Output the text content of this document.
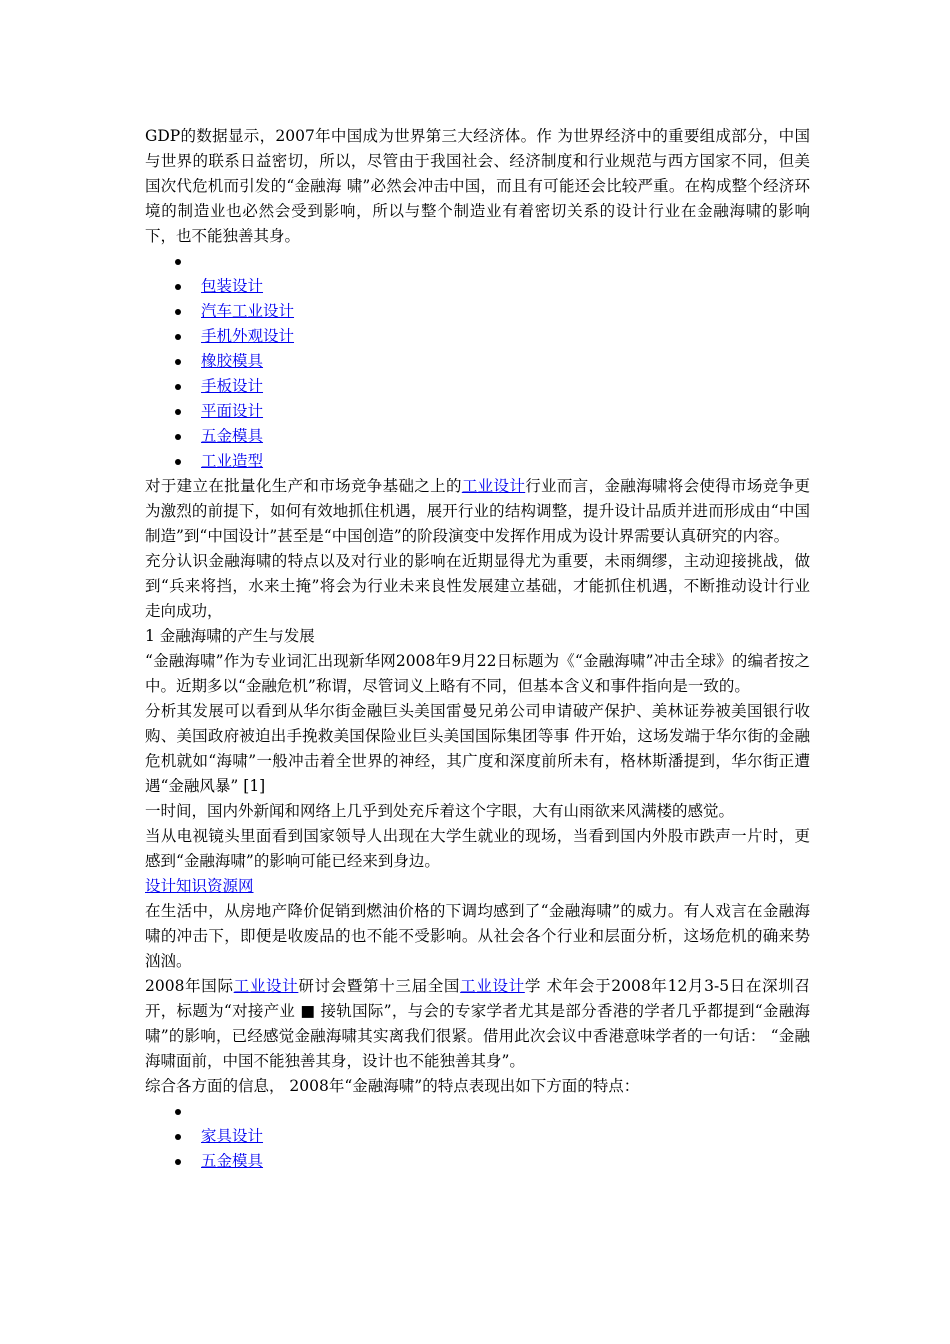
GDP的数据显示，2007年中国成为世界第三大经济体。作 为世界经济中的重要组成部分，中国与世界的联系日益密切，所以，尽管由于我国社会、经济制度和行业规范与西方国家不同，但美国次代危机而引发的“金融海 啸”必然会冲击中国，而且有可能还会比较严重。在构成整个经济环境的制造业也必然会受到影响，所以与整个制造业有着密切关系的设计行业在金融海啸的影响下，也不能独善其身。

包装设计
汽车工业设计
手机外观设计
橡胶模具
手板设计
平面设计
五金模具
工业造型

对于建立在批量化生产和市场竞争基础之上的工业设计行业而言，金融海啸将会使得市场竞争更为激烈的前提下，如何有效地抓住机遇，展开行业的结构调整，提升设计品质并进而形成由“中国制造”到“中国设计”甚至是“中国创造”的阶段演变中发挥作用成为设计界需要认真研究的内容。

充分认识金融海啸的特点以及对行业的影响在近期显得尤为重要，未雨绸缪，主动迎接挑战，做到“兵来将挡，水来土掩”将会为行业未来良性发展建立基础，才能抓住机遇，不断推动设计行业走向成功，

1 金融海啸的产生与发展

“金融海啸”作为专业词汇出现新华网2008年9月22日标题为《“金融海啸”冲击全球》的编者按之中。近期多以“金融危机”称谓，尽管词义上略有不同，但基本含义和事件指向是一致的。

分析其发展可以看到从华尔街金融巨头美国雷曼兄弟公司申请破产保护、美林证券被美国银行收购、美国政府被迫出手挽救美国保险业巨头美国国际集团等事 件开始，这场发端于华尔街的金融危机就如“海啸”一般冲击着全世界的神经，其广度和深度前所未有，格林斯潘提到，华尔街正遭遇“金融风暴” [1]

一时间，国内外新闻和网络上几乎到处充斥着这个字眼，大有山雨欲来风满楼的感觉。

当从电视镜头里面看到国家领导人出现在大学生就业的现场，当看到国内外股市跌声一片时，更感到“金融海啸”的影响可能已经来到身边。

设计知识资源网

在生活中，从房地产降价促销到燃油价格的下调均感到了“金融海啸”的威力。有人戏言在金融海啸的冲击下，即便是收废品的也不能不受影响。从社会各个行业和层面分析，这场危机的确来势汹汹。

2008年国际工业设计研讨会暨第十三届全国工业设计学 术年会于2008年12月3-5日在深圳召开，标题为“对接产业 ■ 接轨国际”，与会的专家学者尤其是部分香港的学者几乎都提到“金融海啸”的影响，已经感觉金融海啸其实离我们很紧。借用此次会议中香港意味学者的一句话： “金融海啸面前，中国不能独善其身，设计也不能独善其身”。

综合各方面的信息， 2008年“金融海啸”的特点表现出如下方面的特点：

家具设计
五金模具
